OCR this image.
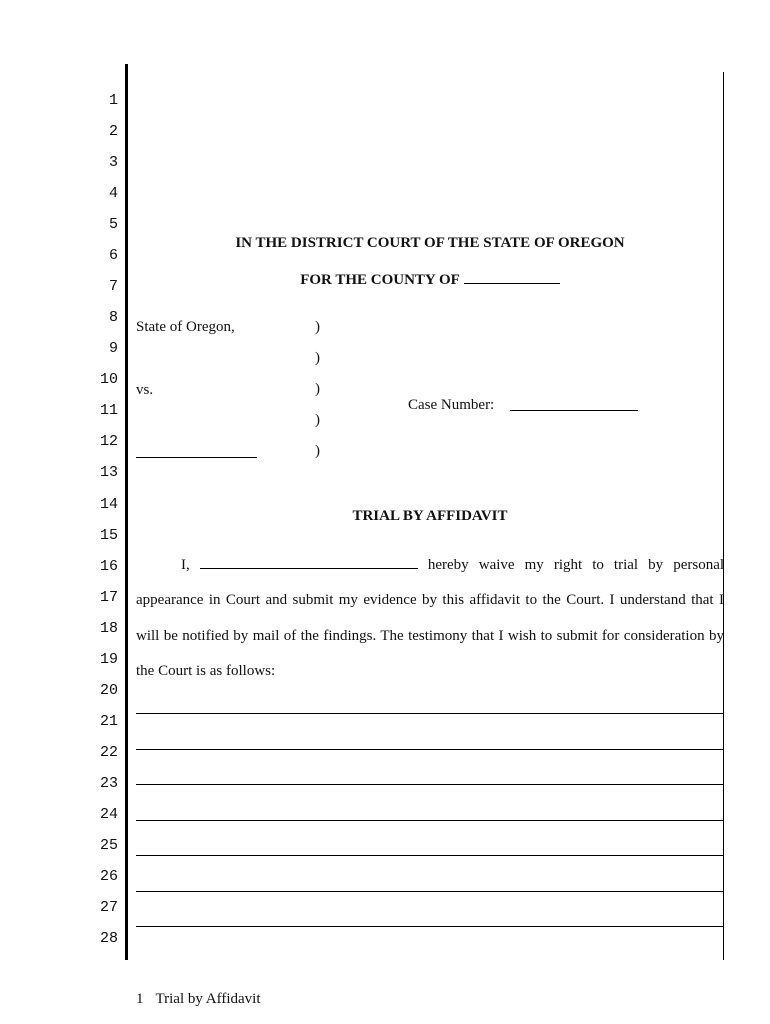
1
2
3
4
5
6
7
8
9
10
11
12
13
14
15
16
17
18
19
20
21
22
23
24
25
26
27
28
IN THE DISTRICT COURT OF THE STATE OF OREGON
FOR THE COUNTY OF
State of Oregon,
vs.
)
)
)
)
)
Case Number:
TRIAL BY AFFIDAVIT
I,	hereby waive my right to trial by personal
appearance in Court and submit my evidence by this affidavit to the Court. I understand that I
will be notified by mail of the findings. The testimony that I wish to submit for consideration by
the Court is as follows:
1 Trial by Affidavit
